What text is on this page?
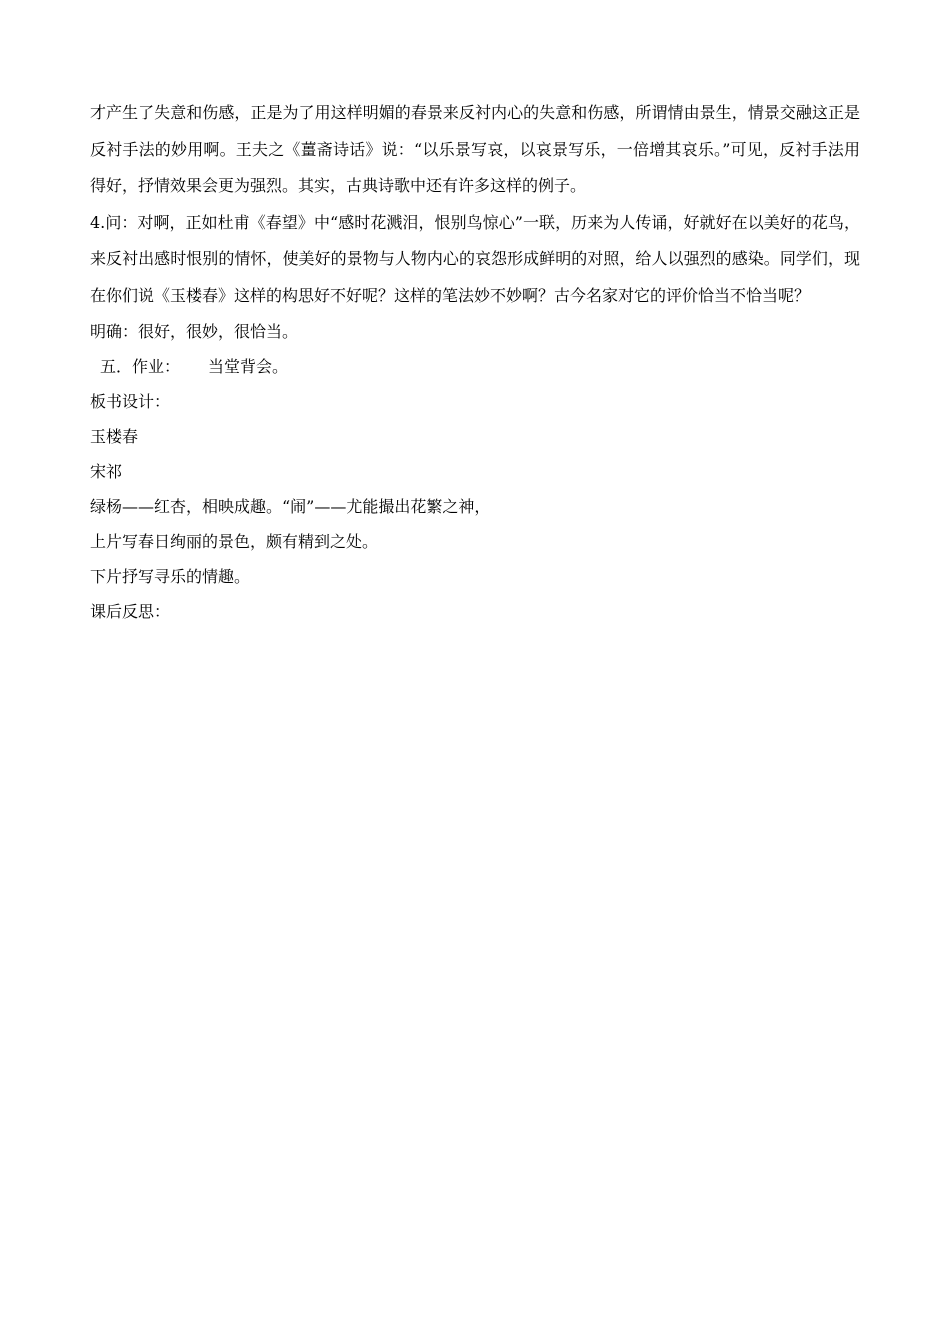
才产生了失意和伤感，正是为了用这样明媚的春景来反衬内心的失意和伤感，所谓情由景生，情景交融这正是反衬手法的妙用啊。王夫之《薑斋诗话》说：“以乐景写哀，以哀景写乐，一倍增其哀乐。”可见，反衬手法用得好，抒情效果会更为强烈。其实，古典诗歌中还有许多这样的例子。

4.问：对啊，正如杜甫《春望》中“感时花溅泪，恨别鸟惊心”一联，历来为人传诵，好就好在以美好的花鸟，来反衬出感时恨别的情怀，使美好的景物与人物内心的哀怨形成鲜明的对照，给人以强烈的感染。同学们，现在你们说《玉楼春》这样的构思好不好呢？这样的笔法妙不妙啊？古今名家对它的评价恰当不恰当呢？

明确：很好，很妙，很恰当。

五．作业： 当堂背会。

板书设计：

玉楼春

宋祁

绿杨——红杏，相映成趣。“闹”——尤能撮出花繁之神，

上片写春日绚丽的景色，颇有精到之处。

下片抒写寻乐的情趣。

课后反思：
